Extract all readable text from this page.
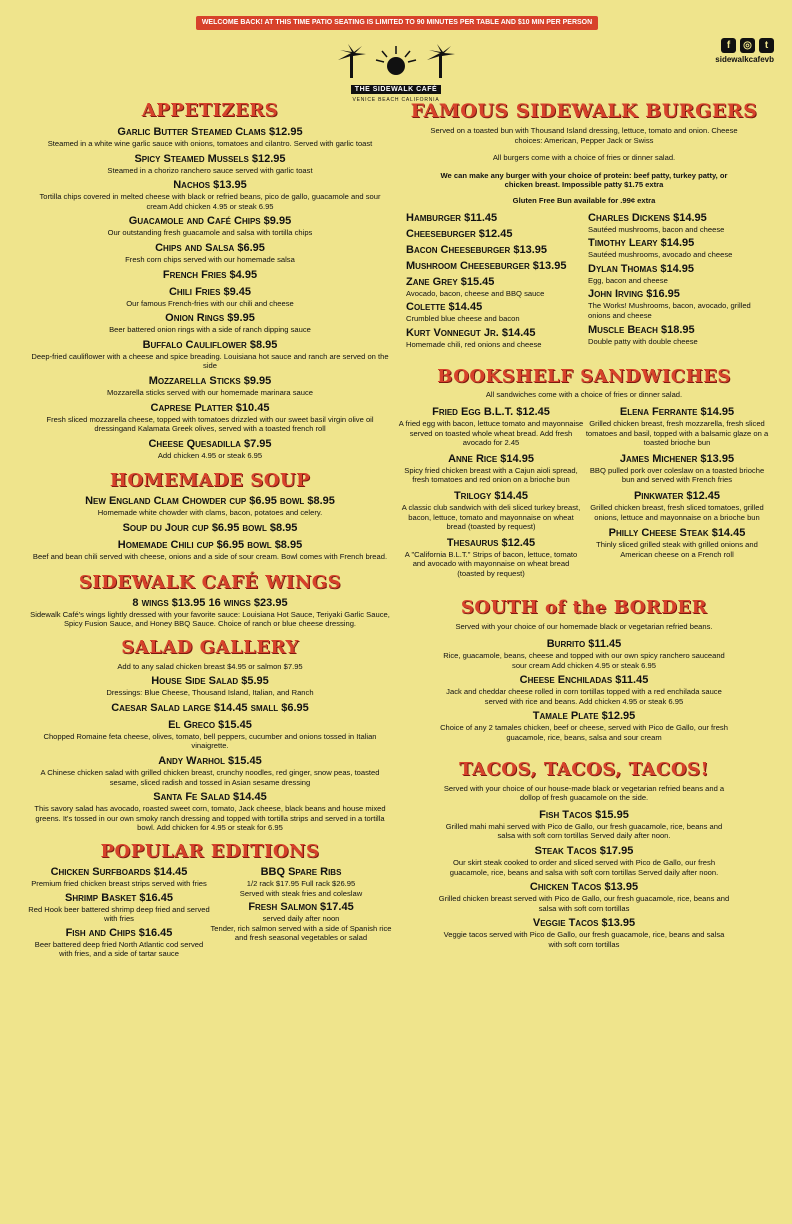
WELCOME BACK! AT THIS TIME PATIO SEATING IS LIMITED TO 90 MINUTES PER TABLE AND $10 MIN PER PERSON
f	◎	t
sidewalkcafevb
THE SIDEWALK CAFÉ
VENICE BEACH CALIFORNIA
APPETIZERS
Garlic Butter Steamed Clams $12.95
Steamed in a white wine garlic sauce with onions, tomatoes and cilantro. Served with garlic toast
Spicy Steamed Mussels $12.95
Steamed in a chorizo ranchero sauce served with garlic toast
Nachos $13.95
Tortilla chips covered in melted cheese with black or refried beans, pico de gallo, guacamole and sour cream Add chicken 4.95 or steak 6.95
Guacamole and Café Chips $9.95
Our outstanding fresh guacamole and salsa with tortilla chips
Chips and Salsa $6.95
Fresh corn chips served with our homemade salsa
French Fries $4.95
Chili Fries $9.45
Our famous French-fries with our chili and cheese
Onion Rings $9.95
Beer battered onion rings with a side of ranch dipping sauce
Buffalo Cauliflower $8.95
Deep-fried cauliflower with a cheese and spice breading. Louisiana hot sauce and ranch are served on the side
Mozzarella Sticks $9.95
Mozzarella sticks served with our homemade marinara sauce
Caprese Platter $10.45
Fresh sliced mozzarella cheese, topped with tomatoes drizzled with our sweet basil virgin olive oil dressingand Kalamata Greek olives, served with a toasted french roll
Cheese Quesadilla $7.95
Add chicken 4.95 or steak 6.95
HOMEMADE SOUP
New England Clam Chowder cup $6.95 bowl $8.95
Homemade white chowder with clams, bacon, potatoes and celery.
Soup du Jour cup $6.95 bowl $8.95
Homemade Chili cup $6.95 bowl $8.95
Beef and bean chili served with cheese, onions and a side of sour cream. Bowl comes with French bread.
SIDEWALK CAFÉ WINGS
8 wings $13.95 16 wings $23.95
Sidewalk Café's wings lightly dressed with your favorite sauce: Louisiana Hot Sauce, Teriyaki Garlic Sauce, Spicy Fusion Sauce, and Honey BBQ Sauce. Choice of ranch or blue cheese dressing.
SALAD GALLERY
Add to any salad chicken breast $4.95 or salmon $7.95
House Side Salad $5.95
Dressings: Blue Cheese, Thousand Island, Italian, and Ranch
Caesar Salad large $14.45 small $6.95
El Greco $15.45
Chopped Romaine feta cheese, olives, tomato, bell peppers, cucumber and onions tossed in Italian vinaigrette.
Andy Warhol $15.45
A Chinese chicken salad with grilled chicken breast, crunchy noodles, red ginger, snow peas, toasted sesame, sliced radish and tossed in Asian sesame dressing
Santa Fe Salad $14.45
This savory salad has avocado, roasted sweet corn, tomato, Jack cheese, black beans and house mixed greens. It's tossed in our own smoky ranch dressing and topped with tortilla strips and served in a tortilla bowl. Add chicken for 4.95 or steak for 6.95
POPULAR EDITIONS
Chicken Surfboards $14.45
Premium fried chicken breast strips served with fries
Shrimp Basket $16.45
Red Hook beer battered shrimp deep fried and served with fries
Fish and Chips $16.45
Beer battered deep fried North Atlantic cod served with fries, and a side of tartar sauce
BBQ Spare Ribs
1/2 rack $17.95 Full rack $26.95
Served with steak fries and coleslaw
Fresh Salmon $17.45
served daily after noon
Tender, rich salmon served with a side of Spanish rice and fresh seasonal vegetables or salad
FAMOUS SIDEWALK BURGERS
Served on a toasted bun with Thousand Island dressing, lettuce, tomato and onion. Cheese choices: American, Pepper Jack or Swiss
All burgers come with a choice of fries or dinner salad.
We can make any burger with your choice of protein: beef patty, turkey patty, or chicken breast. Impossible patty $1.75 extra
Gluten Free Bun available for .99¢ extra
Hamburger $11.45
Cheeseburger $12.45
Bacon Cheeseburger $13.95
Mushroom Cheeseburger $13.95
Zane Grey $15.45
Avocado, bacon, cheese and BBQ sauce
Colette $14.45
Crumbled blue cheese and bacon
Kurt Vonnegut Jr. $14.45
Homemade chili, red onions and cheese
Charles Dickens $14.95
Sautéed mushrooms, bacon and cheese
Timothy Leary $14.95
Sautéed mushrooms, avocado and cheese
Dylan Thomas $14.95
Egg, bacon and cheese
John Irving $16.95
The Works! Mushrooms, bacon, avocado, grilled onions and cheese
Muscle Beach $18.95
Double patty with double cheese
BOOKSHELF SANDWICHES
All sandwiches come with a choice of fries or dinner salad.
Fried Egg B.L.T. $12.45
A fried egg with bacon, lettuce tomato and mayonnaise served on toasted whole wheat bread. Add fresh avocado for 2.45
Anne Rice $14.95
Spicy fried chicken breast with a Cajun aioli spread, fresh tomatoes and red onion on a brioche bun
Trilogy $14.45
A classic club sandwich with deli sliced turkey breast, bacon, lettuce, tomato and mayonnaise on wheat bread (toasted by request)
Thesaurus $12.45
A "California B.L.T." Strips of bacon, lettuce, tomato and avocado with mayonnaise on wheat bread (toasted by request)
Elena Ferrante $14.95
Grilled chicken breast, fresh mozzarella, fresh sliced tomatoes and basil, topped with a balsamic glaze on a toasted brioche bun
James Michener $13.95
BBQ pulled pork over coleslaw on a toasted brioche bun and served with French fries
Pinkwater $12.45
Grilled chicken breast, fresh sliced tomatoes, grilled onions, lettuce and mayonnaise on a brioche bun
Philly Cheese Steak $14.45
Thinly sliced grilled steak with grilled onions and American cheese on a French roll
SOUTH of the BORDER
Served with your choice of our homemade black or vegetarian refried beans.
Burrito $11.45
Rice, guacamole, beans, cheese and topped with our own spicy ranchero sauceand sour cream Add chicken 4.95 or steak 6.95
Cheese Enchiladas $11.45
Jack and cheddar cheese rolled in corn tortillas topped with a red enchilada sauce served with rice and beans. Add chicken 4.95 or steak 6.95
Tamale Plate $12.95
Choice of any 2 tamales chicken, beef or cheese, served with Pico de Gallo, our fresh guacamole, rice, beans, salsa and sour cream
TACOS, TACOS, TACOS!
Served with your choice of our house-made black or vegetarian refried beans and a dollop of fresh guacamole on the side.
Fish Tacos $15.95
Grilled mahi mahi served with Pico de Gallo, our fresh guacamole, rice, beans and salsa with soft corn tortillas Served daily after noon.
Steak Tacos $17.95
Our skirt steak cooked to order and sliced served with Pico de Gallo, our fresh guacamole, rice, beans and salsa with soft corn tortillas Served daily after noon.
Chicken Tacos $13.95
Grilled chicken breast served with Pico de Gallo, our fresh guacamole, rice, beans and salsa with soft corn tortillas
Veggie Tacos $13.95
Veggie tacos served with Pico de Gallo, our fresh guacamole, rice, beans and salsa with soft corn tortillas
